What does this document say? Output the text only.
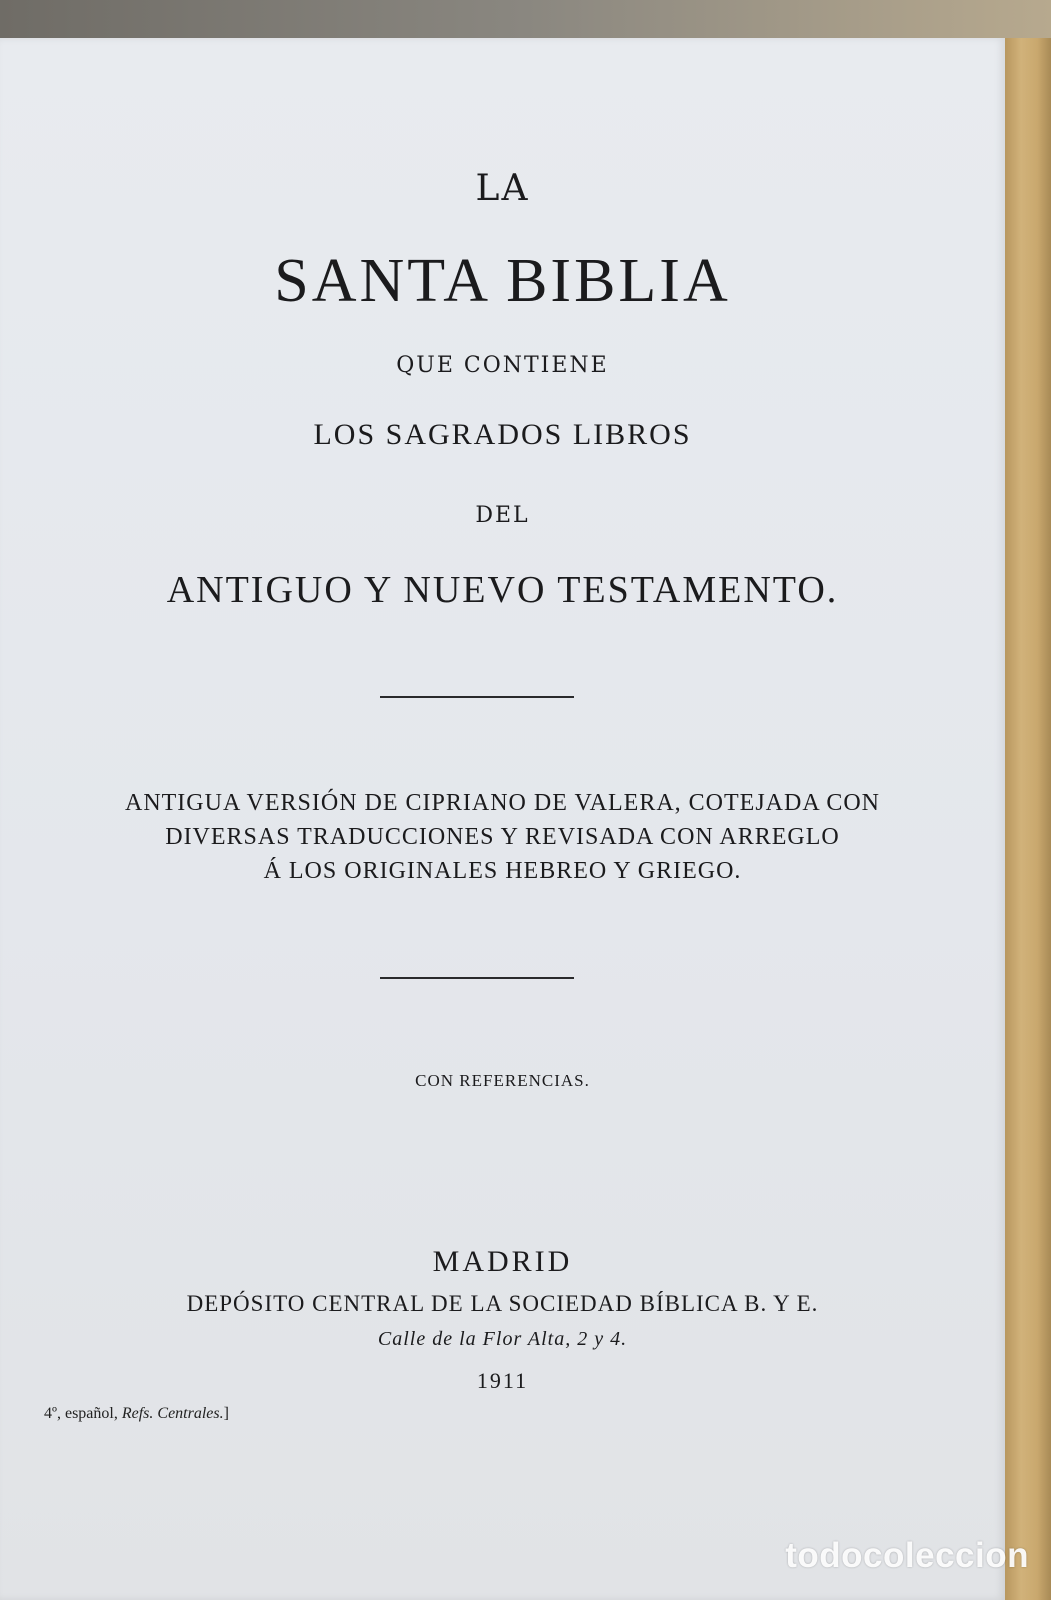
LA
SANTA BIBLIA
QUE CONTIENE
LOS SAGRADOS LIBROS
DEL
ANTIGUO Y NUEVO TESTAMENTO.
ANTIGUA VERSIÓN DE CIPRIANO DE VALERA, COTEJADA CON
DIVERSAS TRADUCCIONES Y REVISADA CON ARREGLO
Á LOS ORIGINALES HEBREO Y GRIEGO.
CON REFERENCIAS.
MADRID
DEPÓSITO CENTRAL DE LA SOCIEDAD BÍBLICA B. Y E.
Calle de la Flor Alta, 2 y 4.
1911
4º, español, Refs. Centrales.]
todocoleccion
